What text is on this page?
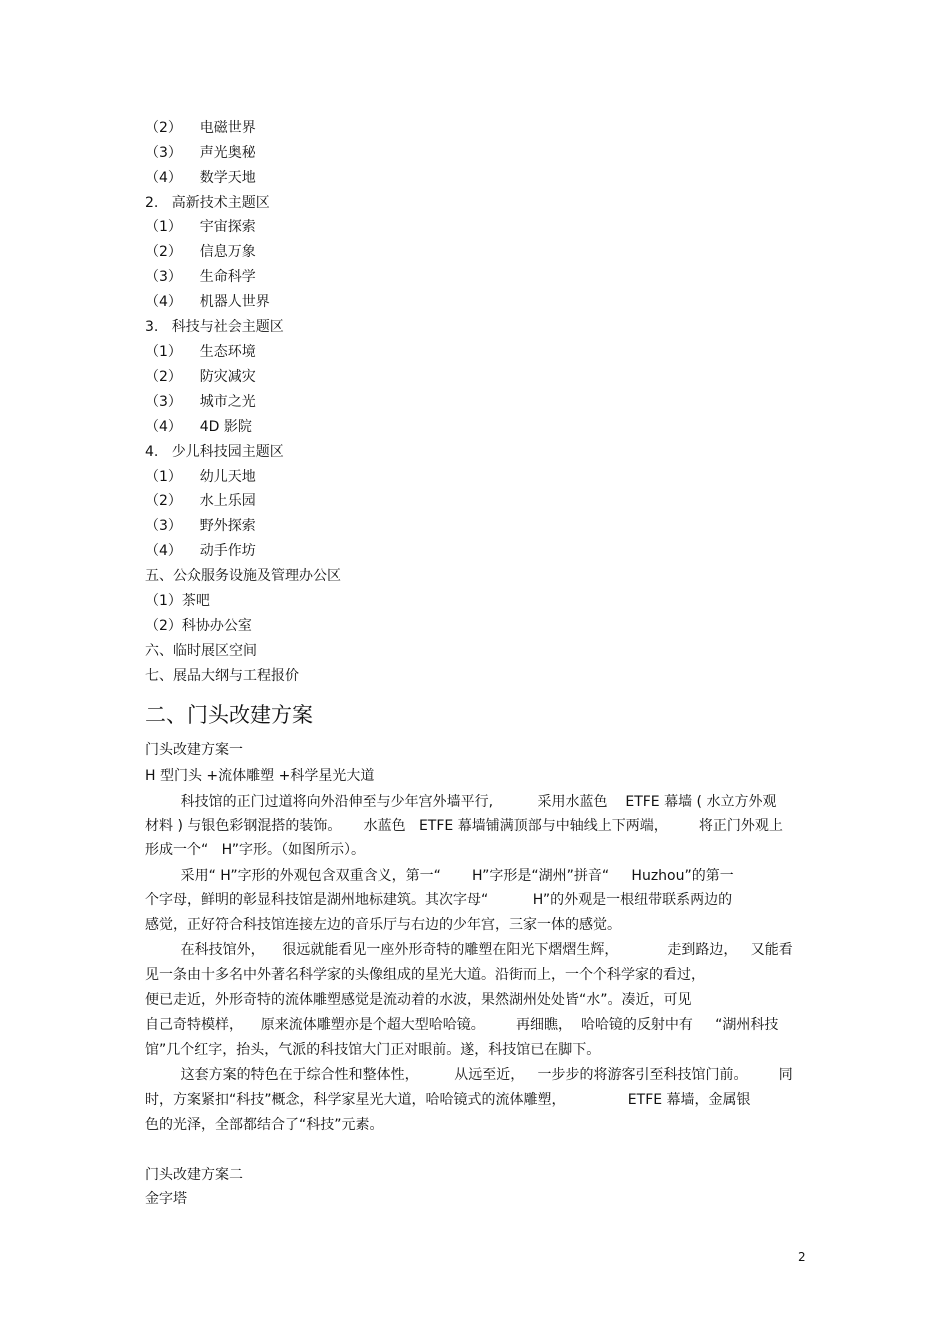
（2）    电磁世界
（3）    声光奥秘
（4）    数学天地
2.   高新技术主题区
（1）    宇宙探索
（2）    信息万象
（3）    生命科学
（4）    机器人世界
3.   科技与社会主题区
（1）    生态环境
（2）    防灾减灾
（3）    城市之光
（4）    4D 影院
4.   少儿科技园主题区
（1）    幼儿天地
（2）    水上乐园
（3）    野外探索
（4）    动手作坊
五、公众服务设施及管理办公区
（1）茶吧
（2）科协办公室
六、临时展区空间
七、展品大纲与工程报价
二、门头改建方案
门头改建方案一
H 型门头 +流体雕塑 +科学星光大道
科技馆的正门过道将向外沿伸至与少年宫外墙平行,          采用水蓝色    ETFE 幕墙 ( 水立方外观
材料 ) 与银色彩钢混搭的装饰。     水蓝色   ETFE 幕墙铺满顶部与中轴线上下两端，       将正门外观上
形成一个“   H”字形。（如图所示）。
采用“ H”字形的外观包含双重含义，第一“       H”字形是“湖州”拼音“     Huzhou”的第一
个字母，鲜明的彰显科技馆是湖州地标建筑。其次字母“          H”的外观是一根纽带联系两边的
感觉，正好符合科技馆连接左边的音乐厅与右边的少年宫，三家一体的感觉。
在科技馆外，    很远就能看见一座外形奇特的雕塑在阳光下熠熠生辉，           走到路边，   又能看
见一条由十多名中外著名科学家的头像组成的星光大道。沿街而上，一个个科学家的看过，
便已走近，外形奇特的流体雕塑感觉是流动着的水波，果然湖州处处皆“水”。凑近，可见
自己奇特模样，    原来流体雕塑亦是个超大型哈哈镜。       再细瞧，  哈哈镜的反射中有     “湖州科技
馆”几个红字，抬头，气派的科技馆大门正对眼前。遂，科技馆已在脚下。
这套方案的特色在于综合性和整体性，        从远至近，   一步步的将游客引至科技馆门前。       同
时，方案紧扣“科技”概念，科学家星光大道，哈哈镜式的流体雕塑，              ETFE 幕墙，金属银
色的光泽，全部都结合了“科技”元素。
门头改建方案二
金字塔
2
